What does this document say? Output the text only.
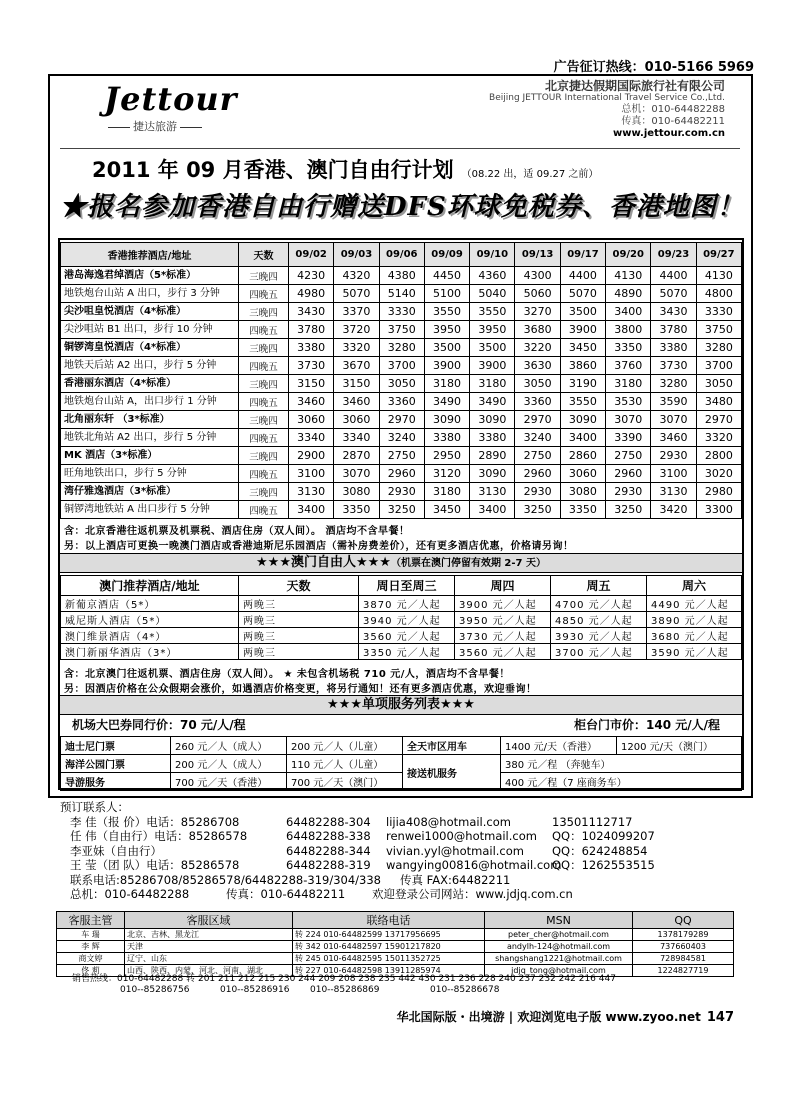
广告征订热线：010-5166 5969
Jettour
捷达旅游
北京捷达假期国际旅行社有限公司
Beijing JETTOUR International Travel Service Co.,Ltd.
总机：010-64482288
传真：010-64482211
www.jettour.com.cn
2011 年 09 月香港、澳门自由行计划 （08.22 出，适 09.27 之前）
★报名参加香港自由行赠送DFS环球免税券、香港地图！
香港推荐酒店/地址	天数	09/02	09/03	09/06	09/09	09/10	09/13	09/17	09/20	09/23	09/27
港岛海逸君绰酒店（5*标准）	三晚四	4230	4320	4380	4450	4360	4300	4400	4130	4400	4130
地铁炮台山站 A 出口，步行 3 分钟	四晚五	4980	5070	5140	5100	5040	5060	5070	4890	5070	4800
尖沙咀皇悦酒店（4*标准）	三晚四	3430	3370	3330	3550	3550	3270	3500	3400	3430	3330
尖沙咀站 B1 出口，步行 10 分钟	四晚五	3780	3720	3750	3950	3950	3680	3900	3800	3780	3750
铜锣湾皇悦酒店（4*标准）	三晚四	3380	3320	3280	3500	3500	3220	3450	3350	3380	3280
地铁天后站 A2 出口，步行 5 分钟	四晚五	3730	3670	3700	3900	3900	3630	3860	3760	3730	3700
香港丽东酒店（4*标准）	三晚四	3150	3150	3050	3180	3180	3050	3190	3180	3280	3050
地铁炮台山站 A，出口步行 1 分钟	四晚五	3460	3460	3360	3490	3490	3360	3550	3530	3590	3480
北角丽东轩 （3*标准）	三晚四	3060	3060	2970	3090	3090	2970	3090	3070	3070	2970
地铁北角站 A2 出口，步行 5 分钟	四晚五	3340	3340	3240	3380	3380	3240	3400	3390	3460	3320
MK 酒店（3*标准）	三晚四	2900	2870	2750	2950	2890	2750	2860	2750	2930	2800
旺角地铁出口，步行 5 分钟	四晚五	3100	3070	2960	3120	3090	2960	3060	2960	3100	3020
湾仔雅逸酒店（3*标准）	三晚四	3130	3080	2930	3180	3130	2930	3080	2930	3130	2980
铜锣湾地铁站 A 出口步行 5 分钟	四晚五	3400	3350	3250	3450	3400	3250	3350	3250	3420	3300
含：北京香港往返机票及机票税、酒店住房（双人间）。 酒店均不含早餐！
另：以上酒店可更换一晚澳门酒店或香港迪斯尼乐园酒店（需补房费差价），还有更多酒店优惠，价格请另询！
★★★澳门自由人★★★（机票在澳门停留有效期 2-7 天）
澳门推荐酒店/地址	天数	周日至周三	周四	周五	周六
新葡京酒店（5*）	两晚三	3870 元／人起	3900 元／人起	4700 元／人起	4490 元／人起
威尼斯人酒店（5*）	两晚三	3940 元／人起	3950 元／人起	4850 元／人起	3890 元／人起
澳门维景酒店（4*）	两晚三	3560 元／人起	3730 元／人起	3930 元／人起	3680 元／人起
澳门新丽华酒店（3*）	两晚三	3350 元／人起	3560 元／人起	3700 元／人起	3590 元／人起
含：北京澳门往返机票、酒店住房（双人间）。 ★ 未包含机场税 710 元/人，酒店均不含早餐！
另：因酒店价格在公众假期会涨价，如遇酒店价格变更，将另行通知！还有更多酒店优惠，欢迎垂询！
★★★单项服务列表★★★
机场大巴券同行价：70 元/人/程	柜台门市价：140 元/人/程
迪士尼门票	260 元／人（成人）	200 元／人（儿童）	全天市区用车	1400 元/天（香港）	1200 元/天（澳门）
海洋公园门票	200 元／人（成人）	110 元／人（儿童）	接送机服务	380 元／程 （奔驰车）	
导游服务	700 元／天（香港）	700 元／天（澳门）		400 元／程（7 座商务车）	
预订联系人：
李 佳（报 价）电话：85286708	64482288-304 lijia408@hotmail.com	13501112717
任 伟（自由行）电话：85286578	64482288-338 renwei1000@hotmail.com QQ：1024099207
李亚妹（自由行）	64482288-344 vivian.yyl@hotmail.com QQ：624248854
王 莹（团 队）电话：85286578	64482288-319 wangying00816@hotmail.com
QQ：1262553515
联系电话:85286708/85286578/64482288-319/304/338 传真 FAX:64482211
总机：010-64482288	传真：010-64482211 欢迎登录公司网站：www.jdjq.com.cn
客服主管	客服区域	联络电话	MSN	QQ
车 瑞	北京、吉林、黑龙江	转 224 010-64482599 13717956695	peter_cher@hotmail.com	1378179289
李 辉	天津	转 342 010-64482597 15901217820	andylh-124@hotmail.com	737660403
商文婷	辽宁、山东	转 245 010-64482595 15011352725	shangshang1221@hotmail.com	728984581
佟 莉	山西、陕西、内蒙、河北、河南、湖北	转 227 010-64482598 13911285974	jdjq_tong@hotmail.com	1224827719
销售热线：010-64482288 转 201 211 212 215 230 244 209 208 238 235 442 430 231 236 228 240 237 232 242 216 447
010--85286756	010--85286916 010--85286869	010--85286678
华北国际版・出境游 | 欢迎浏览电子版 www.zyoo.net 147
